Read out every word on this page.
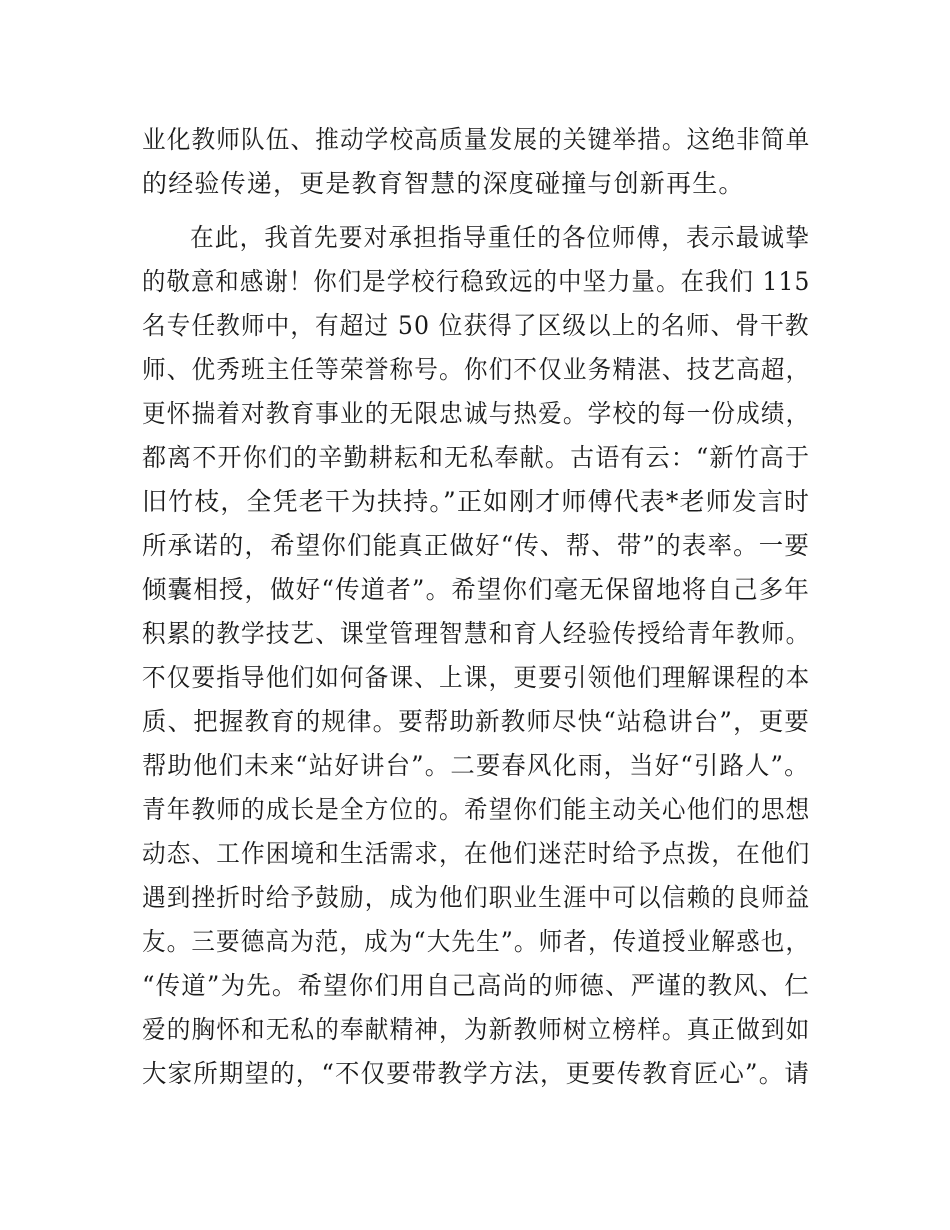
业化教师队伍、推动学校高质量发展的关键举措。这绝非简单
的经验传递，更是教育智慧的深度碰撞与创新再生。
在此，我首先要对承担指导重任的各位师傅，表示最诚挚
的敬意和感谢！你们是学校行稳致远的中坚力量。在我们 115
名专任教师中，有超过 50 位获得了区级以上的名师、骨干教
师、优秀班主任等荣誉称号。你们不仅业务精湛、技艺高超，
更怀揣着对教育事业的无限忠诚与热爱。学校的每一份成绩，
都离不开你们的辛勤耕耘和无私奉献。古语有云：“新竹高于
旧竹枝，全凭老干为扶持。”正如刚才师傅代表*老师发言时
所承诺的，希望你们能真正做好“传、帮、带”的表率。一要
倾囊相授，做好“传道者”。希望你们毫无保留地将自己多年
积累的教学技艺、课堂管理智慧和育人经验传授给青年教师。
不仅要指导他们如何备课、上课，更要引领他们理解课程的本
质、把握教育的规律。要帮助新教师尽快“站稳讲台”，更要
帮助他们未来“站好讲台”。二要春风化雨，当好“引路人”。
青年教师的成长是全方位的。希望你们能主动关心他们的思想
动态、工作困境和生活需求，在他们迷茫时给予点拨，在他们
遇到挫折时给予鼓励，成为他们职业生涯中可以信赖的良师益
友。三要德高为范，成为“大先生”。师者，传道授业解惑也，
“传道”为先。希望你们用自己高尚的师德、严谨的教风、仁
爱的胸怀和无私的奉献精神，为新教师树立榜样。真正做到如
大家所期望的，“不仅要带教学方法，更要传教育匠心”。请
